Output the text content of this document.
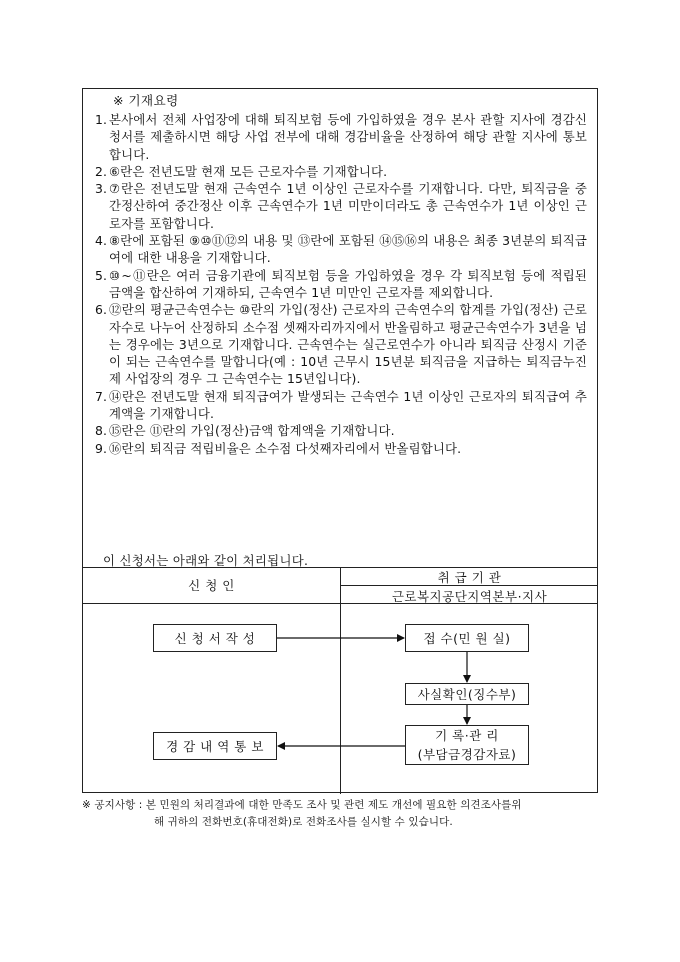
※ 기재요령
1. 본사에서 전체 사업장에 대해 퇴직보험 등에 가입하였을 경우 본사 관할 지사에 경감신청서를 제출하시면 해당 사업 전부에 대해 경감비율을 산정하여 해당 관할 지사에 통보합니다.
2. ⑥란은 전년도말 현재 모든 근로자수를 기재합니다.
3. ⑦란은 전년도말 현재 근속연수 1년 이상인 근로자수를 기재합니다. 다만, 퇴직금을 중간정산하여 중간정산 이후 근속연수가 1년 미만이더라도 총 근속연수가 1년 이상인 근로자를 포함합니다.
4. ⑧란에 포함된 ⑨⑩⑪⑫의 내용 및 ⑬란에 포함된 ⑭⑮⑯의 내용은 최종 3년분의 퇴직급여에 대한 내용을 기재합니다.
5. ⑩~⑪란은 여러 금융기관에 퇴직보험 등을 가입하였을 경우 각 퇴직보험 등에 적립된 금액을 합산하여 기재하되, 근속연수 1년 미만인 근로자를 제외합니다.
6. ⑫란의 평균근속연수는 ⑩란의 가입(정산) 근로자의 근속연수의 합계를 가입(정산) 근로자수로 나누어 산정하되 소수점 셋째자리까지에서 반올림하고 평균근속연수가 3년을 넘는 경우에는 3년으로 기재합니다. 근속연수는 실근로연수가 아니라 퇴직금 산정시 기준이 되는 근속연수를 말합니다(예 : 10년 근무시 15년분 퇴직금을 지급하는 퇴직금누진제 사업장의 경우 그 근속연수는 15년입니다).
7. ⑭란은 전년도말 현재 퇴직급여가 발생되는 근속연수 1년 이상인 근로자의 퇴직급여 추계액을 기재합니다.
8. ⑮란은 ⑪란의 가입(정산)금액 합계액을 기재합니다.
9. ⑯란의 퇴직금 적립비율은 소수점 다섯째자리에서 반올림합니다.
이 신청서는 아래와 같이 처리됩니다.
신 청 인
취 급 기 관
근로복지공단지역본부·지사
신 청 서 작 성	접 수(민 원 실)
사실확인(징수부)
기 록·관 리
(부담금경감자료)
경 감 내 역 통 보
※ 공지사항 : 본 민원의 처리결과에 대한 만족도 조사 및 관련 제도 개선에 필요한 의견조사를위
해 귀하의 전화번호(휴대전화)로 전화조사를 실시할 수 있습니다.
